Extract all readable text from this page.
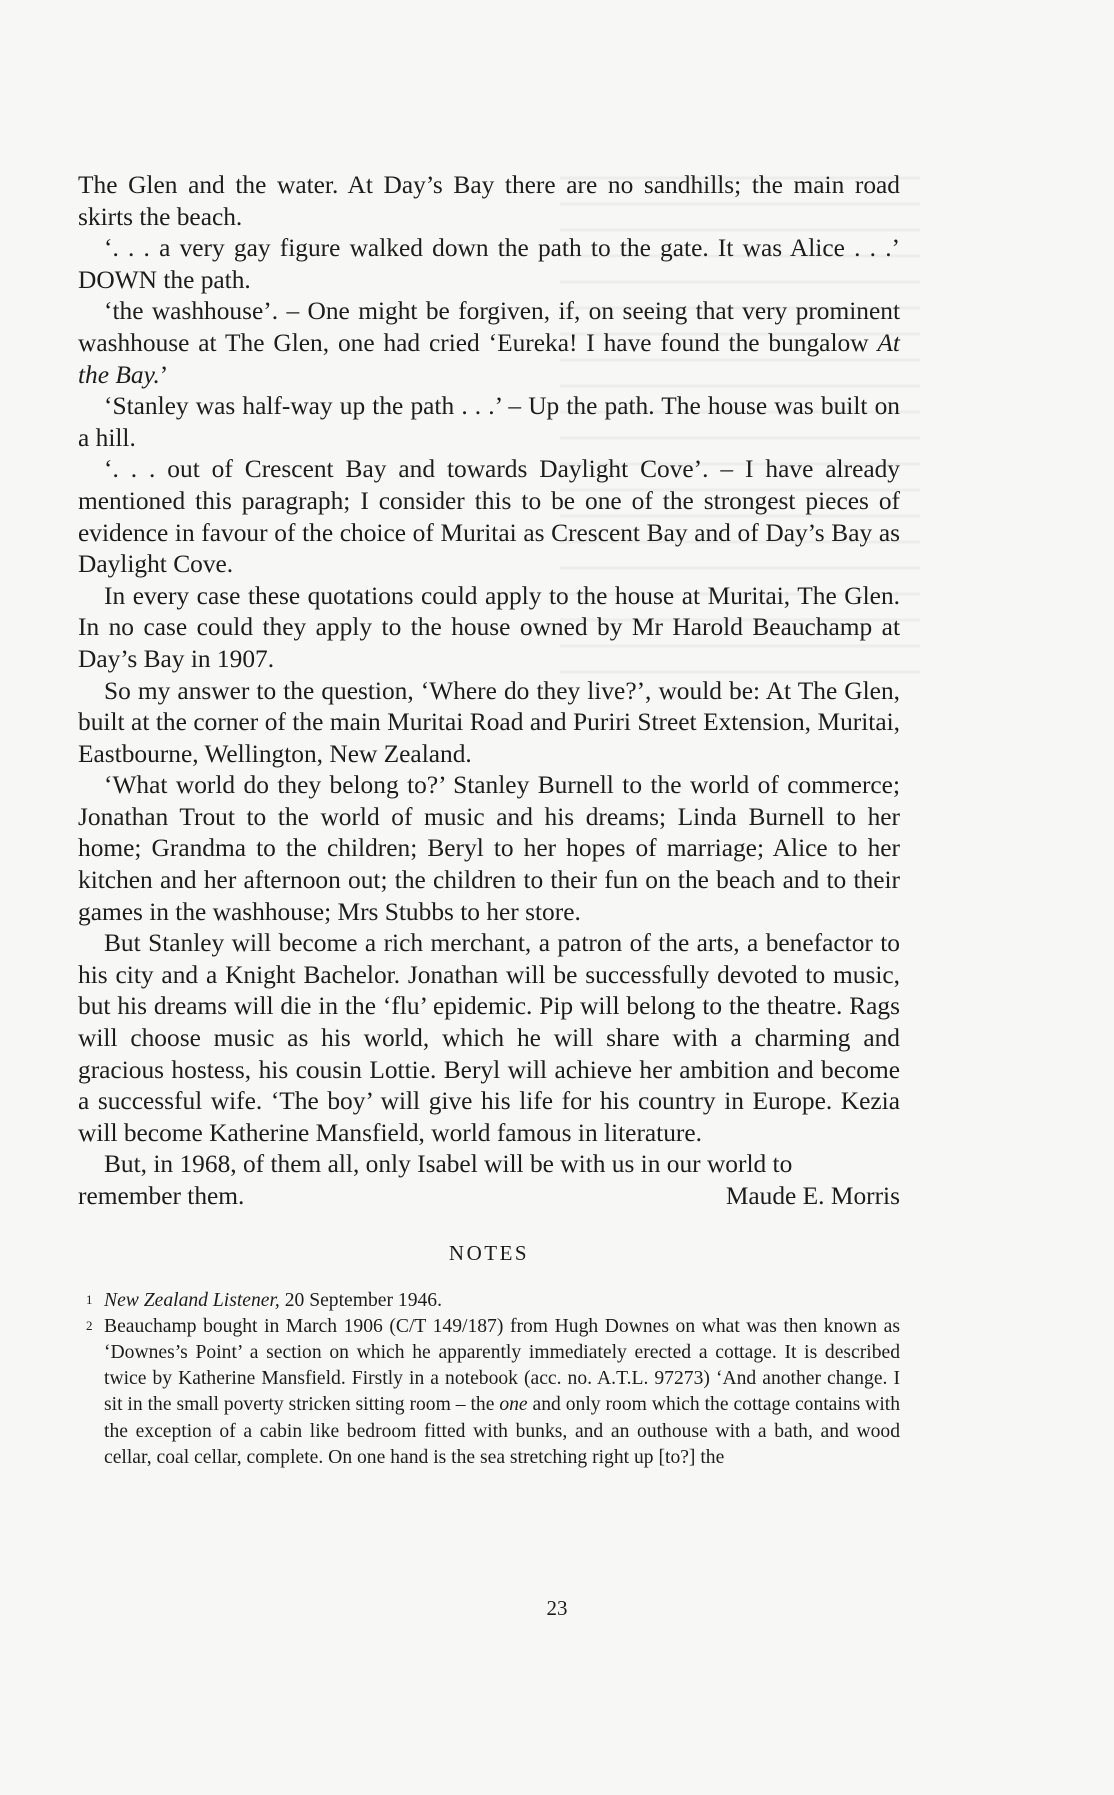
The Glen and the water. At Day’s Bay there are no sandhills; the main road skirts the beach.

‘. . . a very gay figure walked down the path to the gate. It was Alice . . .’ DOWN the path.

‘the washhouse’. – One might be forgiven, if, on seeing that very prominent washhouse at The Glen, one had cried ‘Eureka! I have found the bungalow At the Bay.’

‘Stanley was half-way up the path . . .’ – Up the path. The house was built on a hill.

‘. . . out of Crescent Bay and towards Daylight Cove’. – I have already mentioned this paragraph; I consider this to be one of the strongest pieces of evidence in favour of the choice of Muritai as Crescent Bay and of Day’s Bay as Daylight Cove.

In every case these quotations could apply to the house at Muritai, The Glen. In no case could they apply to the house owned by Mr Harold Beauchamp at Day’s Bay in 1907.

So my answer to the question, ‘Where do they live?’, would be: At The Glen, built at the corner of the main Muritai Road and Puriri Street Extension, Muritai, Eastbourne, Wellington, New Zealand.

‘What world do they belong to?’ Stanley Burnell to the world of commerce; Jonathan Trout to the world of music and his dreams; Linda Burnell to her home; Grandma to the children; Beryl to her hopes of marriage; Alice to her kitchen and her afternoon out; the children to their fun on the beach and to their games in the washhouse; Mrs Stubbs to her store.

But Stanley will become a rich merchant, a patron of the arts, a benefactor to his city and a Knight Bachelor. Jonathan will be successfully devoted to music, but his dreams will die in the ‘flu’ epidemic. Pip will belong to the theatre. Rags will choose music as his world, which he will share with a charming and gracious hostess, his cousin Lottie. Beryl will achieve her ambition and become a successful wife. ‘The boy’ will give his life for his country in Europe. Kezia will become Katherine Mansfield, world famous in literature.

But, in 1968, of them all, only Isabel will be with us in our world to

remember them.	Maude E. Morris
NOTES

1 New Zealand Listener, 20 September 1946.

2 Beauchamp bought in March 1906 (C/T 149/187) from Hugh Downes on what was then known as ‘Downes’s Point’ a section on which he apparently immediately erected a cottage. It is described twice by Katherine Mansfield. Firstly in a notebook (acc. no. A.T.L. 97273) ‘And another change. I sit in the small poverty stricken sitting room – the one and only room which the cottage contains with the exception of a cabin like bedroom fitted with bunks, and an outhouse with a bath, and wood cellar, coal cellar, complete. On one hand is the sea stretching right up [to?] the

23
